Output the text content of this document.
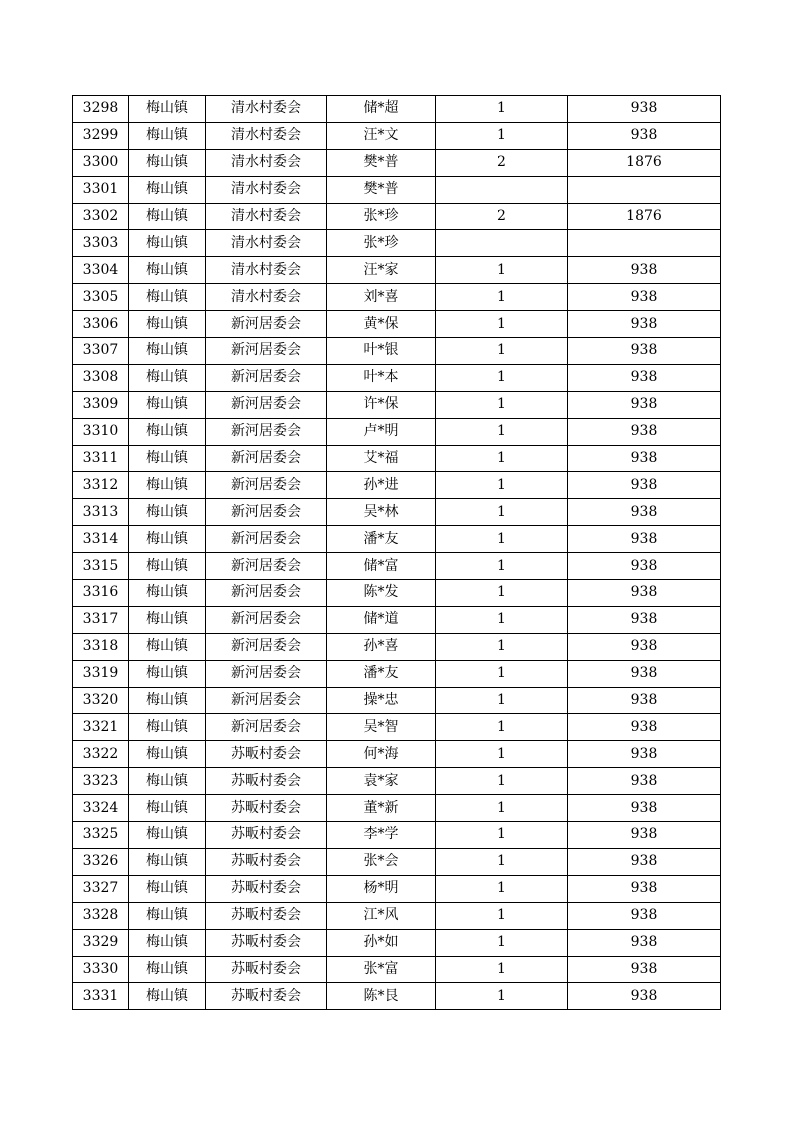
3298	梅山镇	清水村委会	储*超	1	938
3299	梅山镇	清水村委会	汪*文	1	938
3300	梅山镇	清水村委会	樊*普	2	1876
3301	梅山镇	清水村委会	樊*普		
3302	梅山镇	清水村委会	张*珍	2	1876
3303	梅山镇	清水村委会	张*珍		
3304	梅山镇	清水村委会	汪*家	1	938
3305	梅山镇	清水村委会	刘*喜	1	938
3306	梅山镇	新河居委会	黄*保	1	938
3307	梅山镇	新河居委会	叶*银	1	938
3308	梅山镇	新河居委会	叶*本	1	938
3309	梅山镇	新河居委会	许*保	1	938
3310	梅山镇	新河居委会	卢*明	1	938
3311	梅山镇	新河居委会	艾*福	1	938
3312	梅山镇	新河居委会	孙*进	1	938
3313	梅山镇	新河居委会	吴*林	1	938
3314	梅山镇	新河居委会	潘*友	1	938
3315	梅山镇	新河居委会	储*富	1	938
3316	梅山镇	新河居委会	陈*发	1	938
3317	梅山镇	新河居委会	储*道	1	938
3318	梅山镇	新河居委会	孙*喜	1	938
3319	梅山镇	新河居委会	潘*友	1	938
3320	梅山镇	新河居委会	操*忠	1	938
3321	梅山镇	新河居委会	吴*智	1	938
3322	梅山镇	苏畈村委会	何*海	1	938
3323	梅山镇	苏畈村委会	袁*家	1	938
3324	梅山镇	苏畈村委会	董*新	1	938
3325	梅山镇	苏畈村委会	李*学	1	938
3326	梅山镇	苏畈村委会	张*会	1	938
3327	梅山镇	苏畈村委会	杨*明	1	938
3328	梅山镇	苏畈村委会	江*风	1	938
3329	梅山镇	苏畈村委会	孙*如	1	938
3330	梅山镇	苏畈村委会	张*富	1	938
3331	梅山镇	苏畈村委会	陈*艮	1	938
